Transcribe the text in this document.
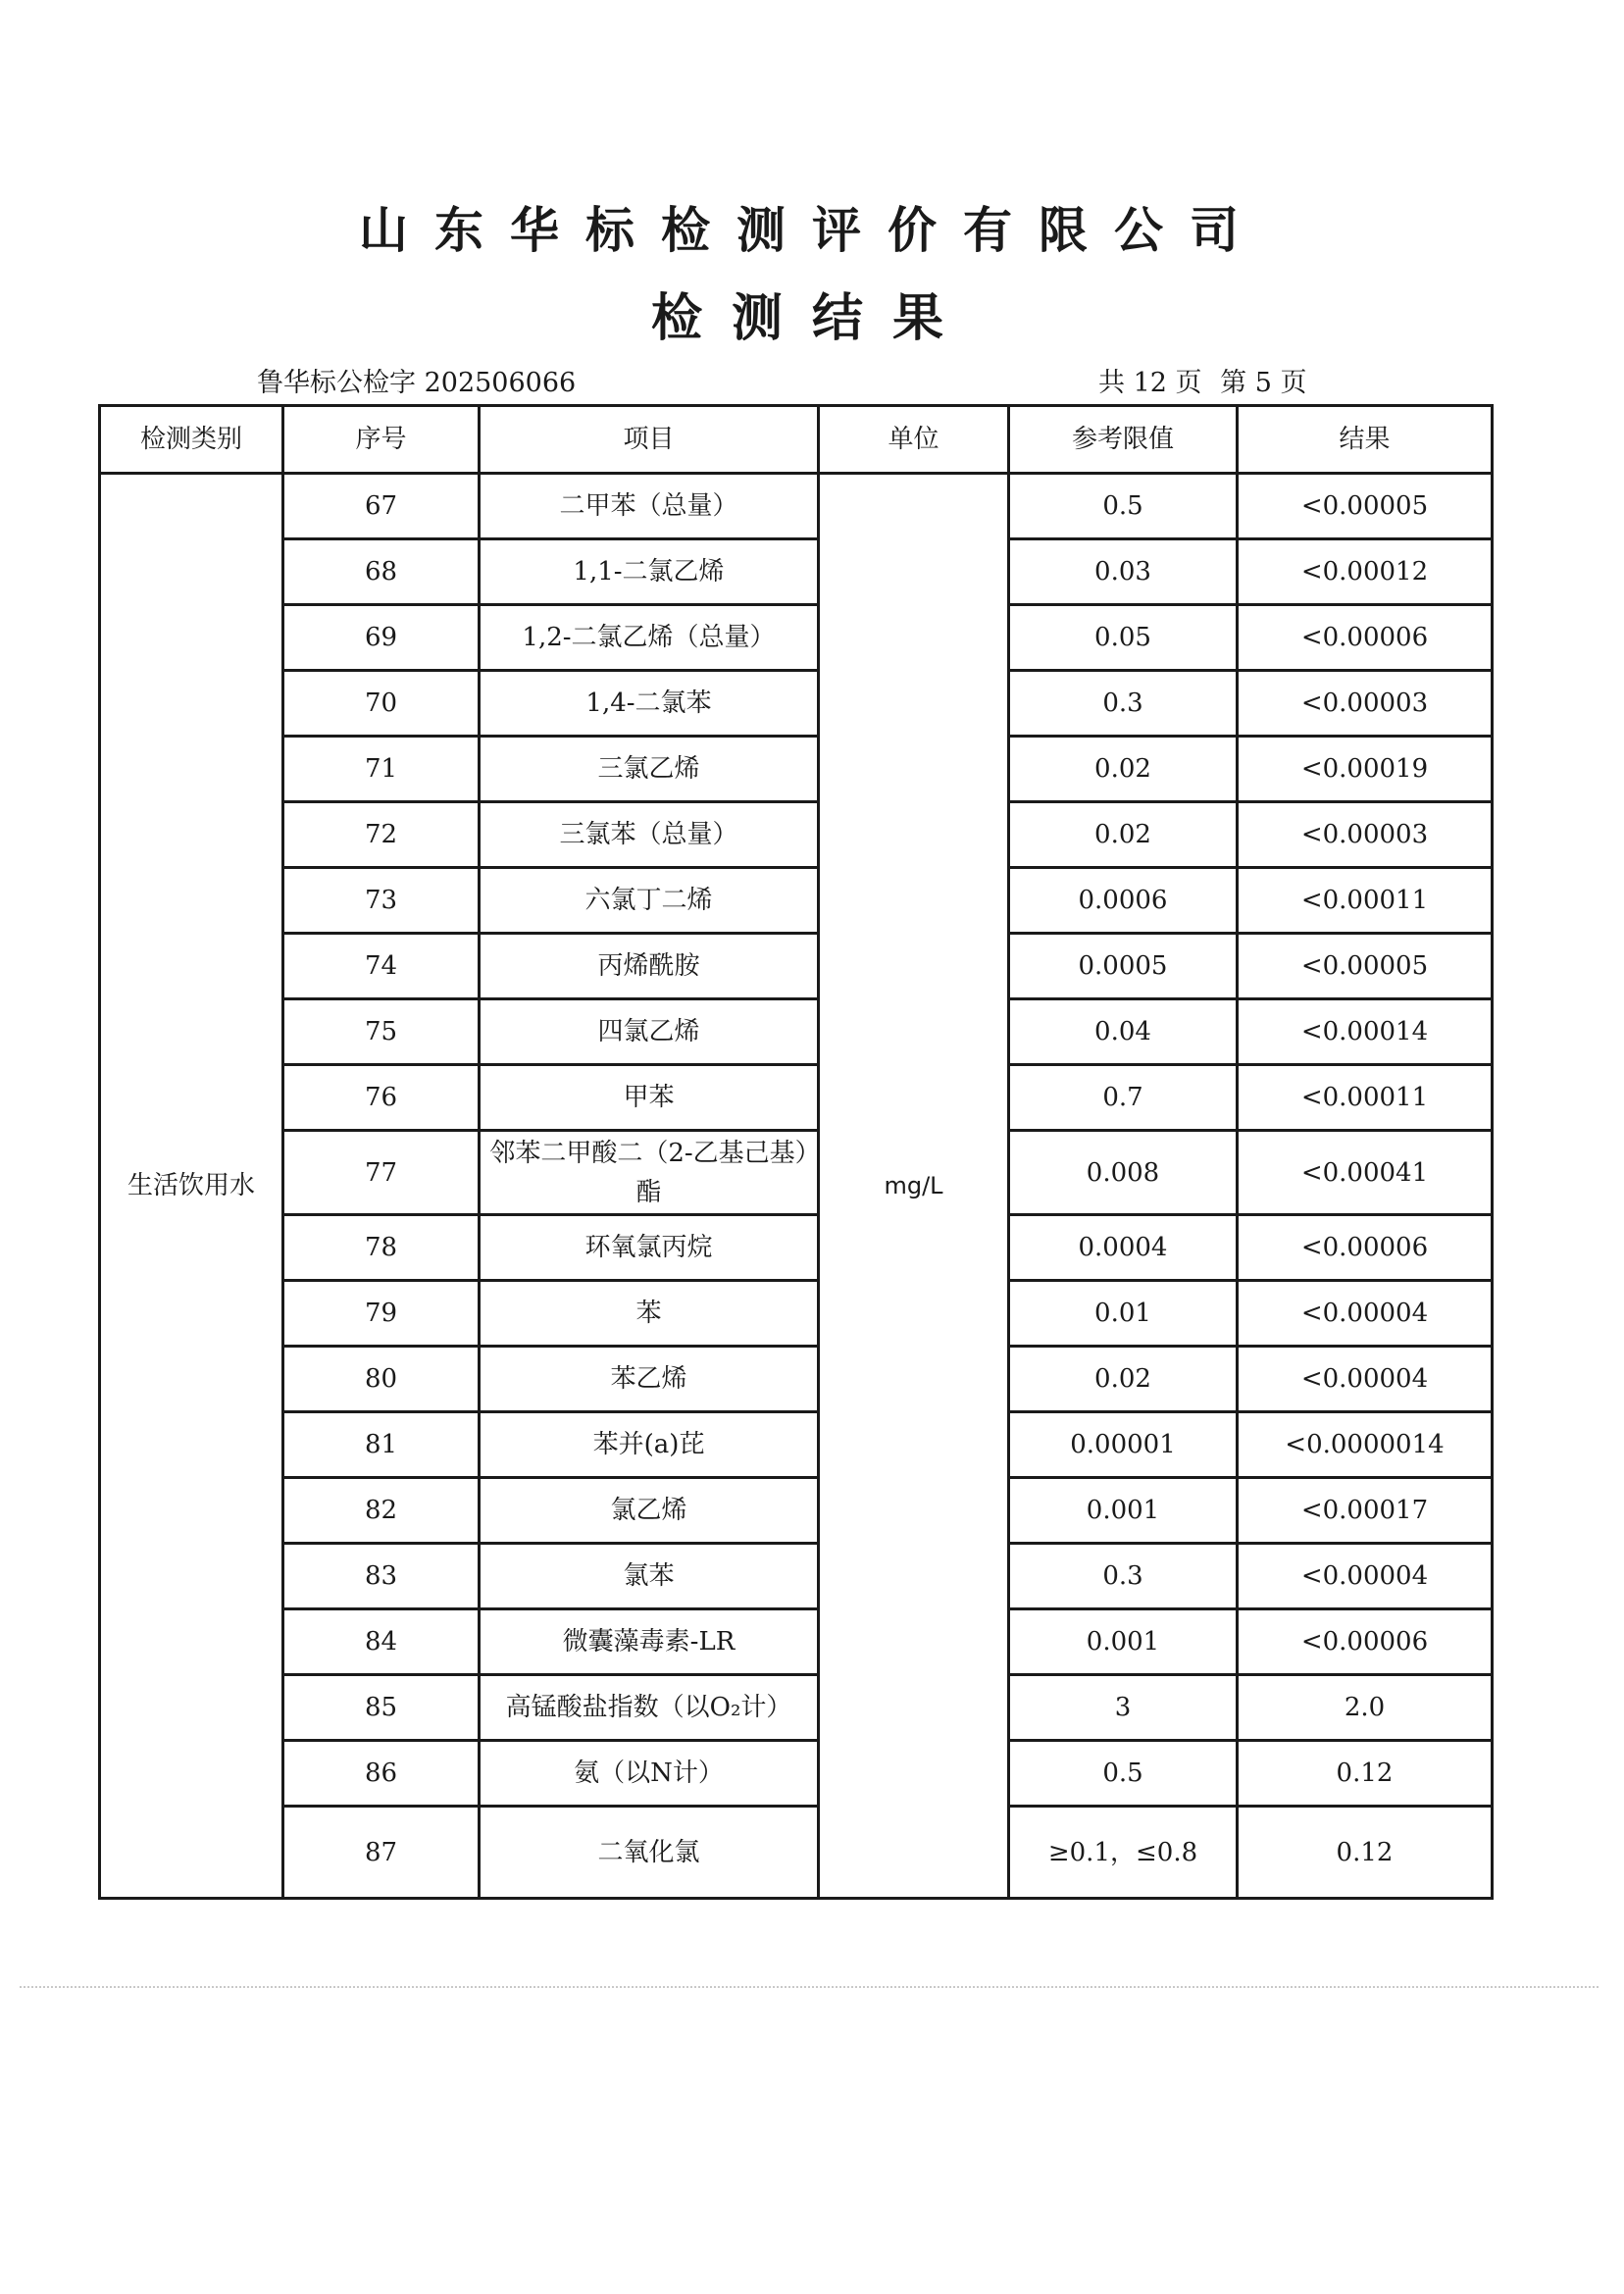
山东华标检测评价有限公司
检测结果
鲁华标公检字 202506066	共 12 页 第 5 页
检测类别	序号	项目	单位	参考限值	结果
生活饮用水	67	二甲苯（总量）	mg/L	0.5	<0.00005
	68	1,1-二氯乙烯		0.03	<0.00012
	69	1,2-二氯乙烯（总量）		0.05	<0.00006
	70	1,4-二氯苯		0.3	<0.00003
	71	三氯乙烯		0.02	<0.00019
	72	三氯苯（总量）		0.02	<0.00003
	73	六氯丁二烯		0.0006	<0.00011
	74	丙烯酰胺		0.0005	<0.00005
	75	四氯乙烯		0.04	<0.00014
	76	甲苯		0.7	<0.00011
	77	邻苯二甲酸二（2-乙基己基）酯		0.008	<0.00041
	78	环氧氯丙烷		0.0004	<0.00006
	79	苯		0.01	<0.00004
	80	苯乙烯		0.02	<0.00004
	81	苯并(a)芘		0.00001	<0.0000014
	82	氯乙烯		0.001	<0.00017
	83	氯苯		0.3	<0.00004
	84	微囊藻毒素-LR		0.001	<0.00006
	85	高锰酸盐指数（以O₂计）		3	2.0
	86	氨（以N计）		0.5	0.12
	87	二氧化氯		≥0.1，≤0.8	0.12
